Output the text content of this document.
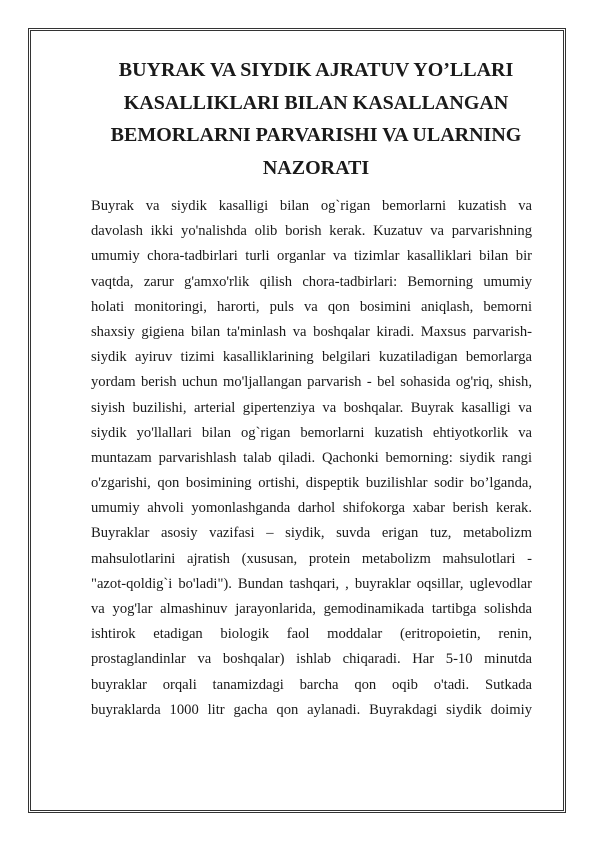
BUYRAK VA SIYDIK AJRATUV YO’LLARI
KASALLIKLARI BILAN KASALLANGAN
BEMORLARNI PARVARISHI VA ULARNING
NAZORATI
Buyrak va siydik kasalligi bilan og`rigan bemorlarni kuzatish va
davolash ikki yo'nalishda olib borish kerak. Kuzatuv va parvarishning
umumiy chora-tadbirlari turli organlar va tizimlar kasalliklari bilan bir
vaqtda, zarur g'amxo'rlik qilish chora-tadbirlari: Bemorning umumiy
holati monitoringi, harorti, puls va qon bosimini aniqlash, bemorni
shaxsiy gigiena bilan ta'minlash va boshqalar kiradi. Maxsus parvarish-
siydik ayiruv tizimi kasalliklarining belgilari kuzatiladigan bemorlarga
yordam berish uchun mo'ljallangan parvarish - bel sohasida og'riq, shish,
siyish buzilishi, arterial gipertenziya va boshqalar. Buyrak kasalligi va
siydik yo'llallari bilan og`rigan bemorlarni kuzatish ehtiyotkorlik va
muntazam parvarishlash talab qiladi. Qachonki bemorning: siydik rangi
o'zgarishi, qon bosimining ortishi, dispeptik buzilishlar sodir bo’lganda,
umumiy ahvoli yomonlashganda darhol shifokorga xabar berish kerak.
Buyraklar asosiy vazifasi – siydik, suvda erigan tuz, metabolizm
mahsulotlarini ajratish (xususan, protein metabolizm mahsulotlari -
"azot-qoldig`i bo'ladi"). Bundan tashqari, , buyraklar oqsillar, uglevodlar
va yog'lar almashinuv jarayonlarida, gemodinamikada tartibga solishda
ishtirok etadigan biologik faol moddalar (eritropoietin, renin,
prostaglandinlar va boshqalar) ishlab chiqaradi. Har 5-10 minutda
buyraklar orqali tanamizdagi barcha qon oqib o'tadi. Sutkada
buyraklarda 1000 litr gacha qon aylanadi. Buyrakdagi siydik doimiy
